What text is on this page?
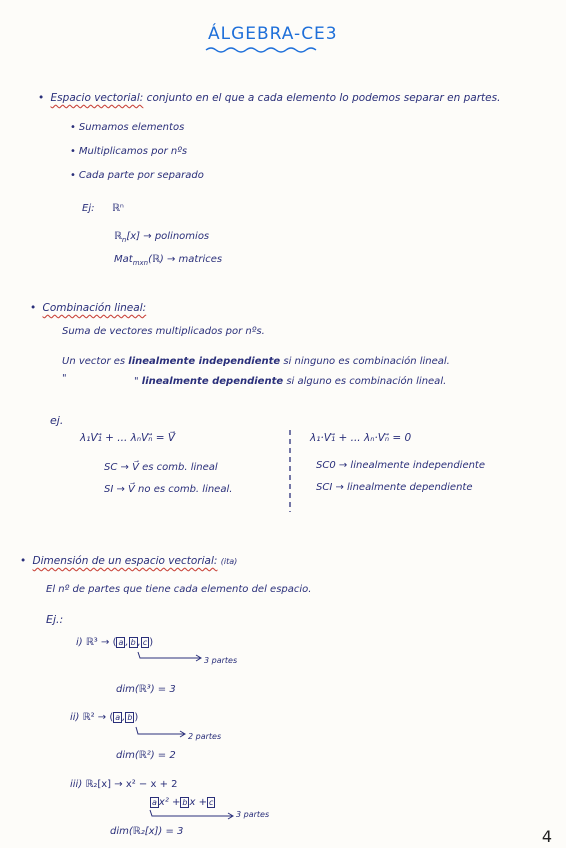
ÁLGEBRA-CE3
• Espacio vectorial: conjunto en el que a cada elemento lo podemos separar en partes.
• Sumamos elementos
• Multiplicamos por nºs
• Cada parte por separado
Ej: ℝⁿ
ℝ$_n$[x] → polinomios
Mat$_{mxn}$(ℝ) → matrices
• Combinación lineal:
Suma de vectores multiplicados por nºs.
Un vector es linealmente independiente si ninguno es combinación lineal.
"	" linealmente dependiente si alguno es combinación lineal.
ej.
λ₁V₁⃗ + ... λₙVₙ⃗ = V⃗	λ₁·V₁⃗ + ... λₙ·Vₙ⃗ = 0
SC → V⃗ es comb. lineal
SI → V⃗ no es comb. lineal.
SC0 → linealmente independiente
SCI → linealmente dependiente
• Dimensión de un espacio vectorial: (ita)
El nº de partes que tiene cada elemento del espacio.
Ej.:
i) ℝ³ → ( a , b , c )
3 partes
dim(ℝ³) = 3
ii) ℝ² → ( a , b )
2 partes
dim(ℝ²) = 2
iii) ℝ₂[x] → x² − x + 2
a x² + b x + c
3 partes
dim(ℝ₂[x]) = 3	4
